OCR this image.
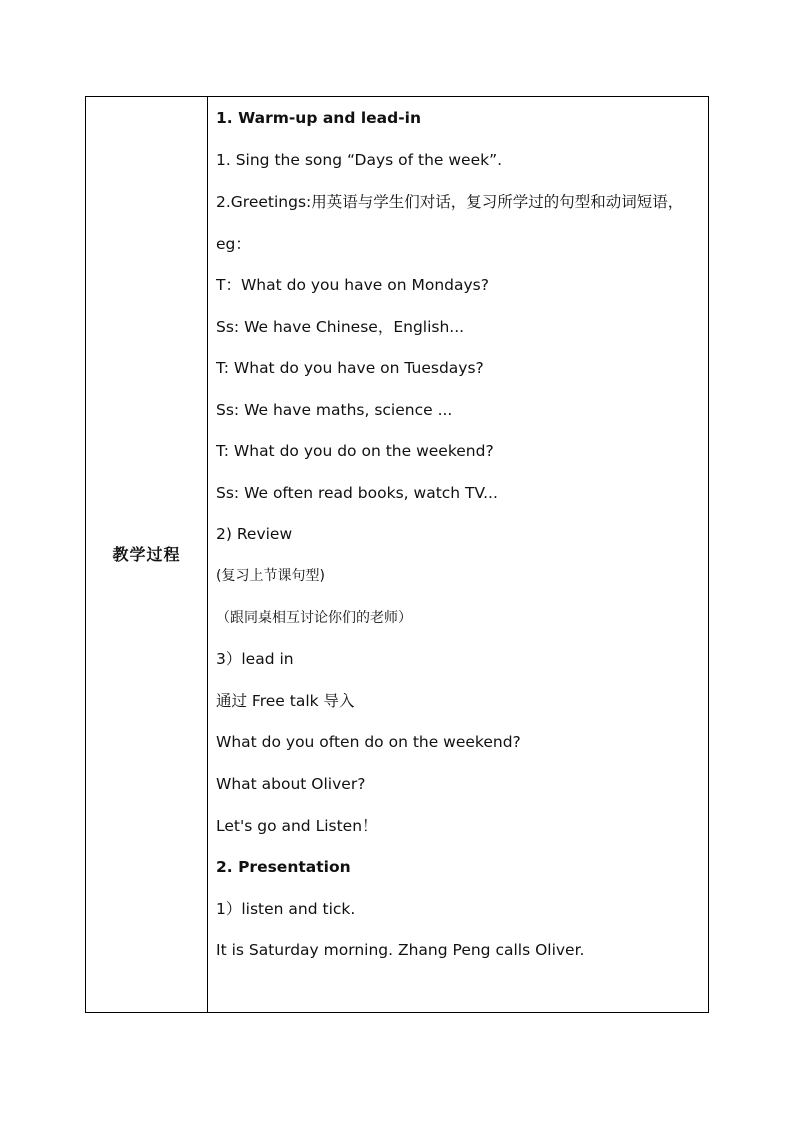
教学过程
1. Warm-up and lead-in
1. Sing the song “Days of the week”.
2.Greetings:用英语与学生们对话，复习所学过的句型和动词短语，
eg：
T：What do you have on Mondays?
Ss: We have Chinese，English...
T: What do you have on Tuesdays?
Ss: We have maths, science ...
T: What do you do on the weekend?
Ss: We often read books, watch TV...
2) Review
(复习上节课句型)
（跟同桌相互讨论你们的老师）
3）lead in
通过 Free talk 导入
What do you often do on the weekend?
What about Oliver?
Let's go and Listen！
2. Presentation
1）listen and tick.
It is Saturday morning. Zhang Peng calls Oliver.
